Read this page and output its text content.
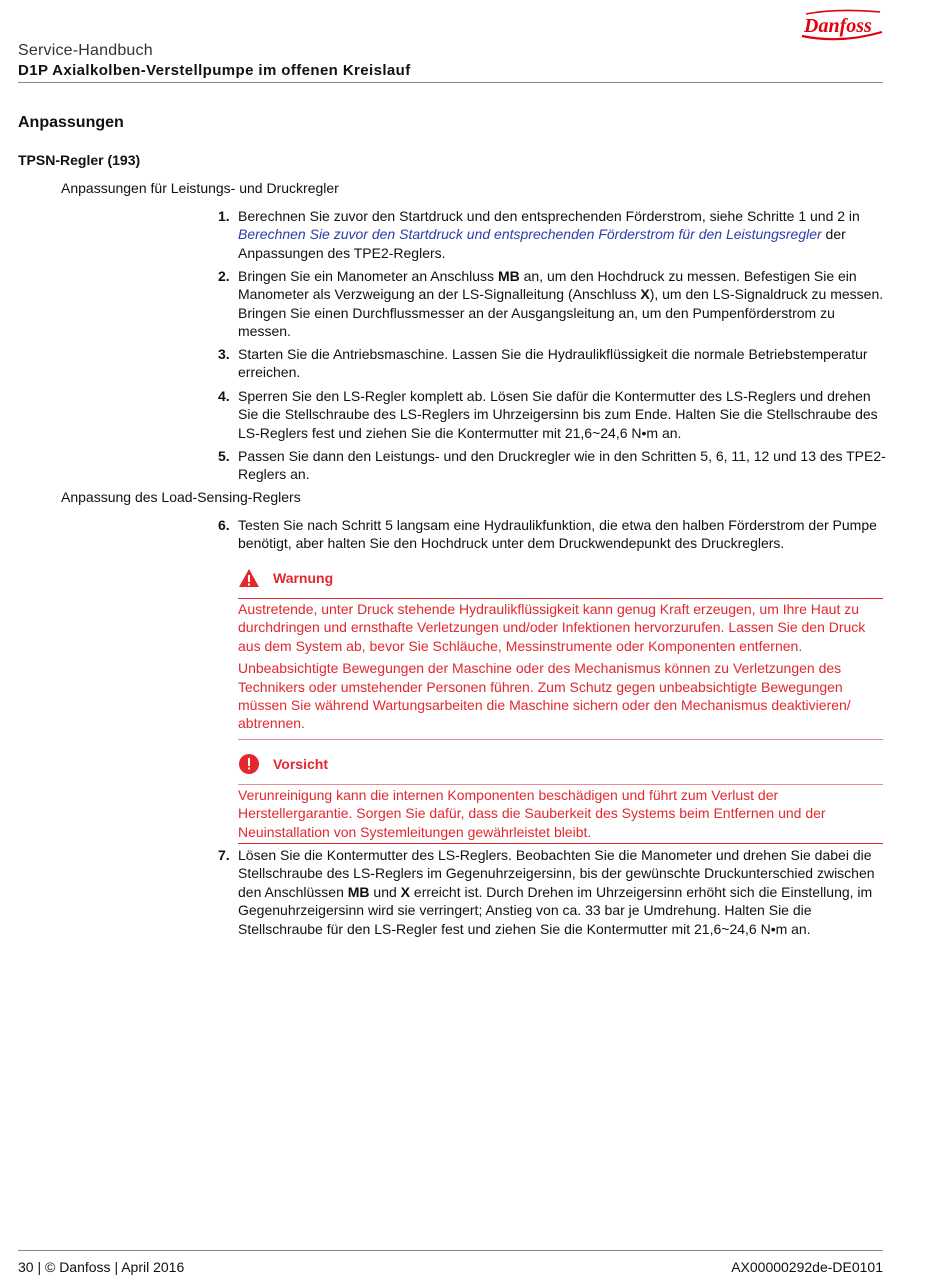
Danfoss
Service-Handbuch
D1P Axialkolben-Verstellpumpe im offenen Kreislauf
Anpassungen
TPSN-Regler (193)
Anpassungen für Leistungs- und Druckregler
1. Berechnen Sie zuvor den Startdruck und den entsprechenden Förderstrom, siehe Schritte 1 und 2 in Berechnen Sie zuvor den Startdruck und entsprechenden Förderstrom für den Leistungsregler der Anpassungen des TPE2-Reglers.
2. Bringen Sie ein Manometer an Anschluss MB an, um den Hochdruck zu messen. Befestigen Sie ein Manometer als Verzweigung an der LS-Signalleitung (Anschluss X), um den LS-Signaldruck zu messen. Bringen Sie einen Durchflussmesser an der Ausgangsleitung an, um den Pumpenförderstrom zu messen.
3. Starten Sie die Antriebsmaschine. Lassen Sie die Hydraulikflüssigkeit die normale Betriebstemperatur erreichen.
4. Sperren Sie den LS-Regler komplett ab. Lösen Sie dafür die Kontermutter des LS-Reglers und drehen Sie die Stellschraube des LS-Reglers im Uhrzeigersinn bis zum Ende. Halten Sie die Stellschraube des LS-Reglers fest und ziehen Sie die Kontermutter mit 21,6~24,6 N•m an.
5. Passen Sie dann den Leistungs- und den Druckregler wie in den Schritten 5, 6, 11, 12 und 13 des TPE2-Reglers an.
Anpassung des Load-Sensing-Reglers
6. Testen Sie nach Schritt 5 langsam eine Hydraulikfunktion, die etwa den halben Förderstrom der Pumpe benötigt, aber halten Sie den Hochdruck unter dem Druckwendepunkt des Druckreglers.
Warnung
Austretende, unter Druck stehende Hydraulikflüssigkeit kann genug Kraft erzeugen, um Ihre Haut zu durchdringen und ernsthafte Verletzungen und/oder Infektionen hervorzurufen. Lassen Sie den Druck aus dem System ab, bevor Sie Schläuche, Messinstrumente oder Komponenten entfernen.
Unbeabsichtigte Bewegungen der Maschine oder des Mechanismus können zu Verletzungen des Technikers oder umstehender Personen führen. Zum Schutz gegen unbeabsichtigte Bewegungen müssen Sie während Wartungsarbeiten die Maschine sichern oder den Mechanismus deaktivieren/ abtrennen.
Vorsicht
Verunreinigung kann die internen Komponenten beschädigen und führt zum Verlust der Herstellergarantie. Sorgen Sie dafür, dass die Sauberkeit des Systems beim Entfernen und der Neuinstallation von Systemleitungen gewährleistet bleibt.
7. Lösen Sie die Kontermutter des LS-Reglers. Beobachten Sie die Manometer und drehen Sie dabei die Stellschraube des LS-Reglers im Gegenuhrzeigersinn, bis der gewünschte Druckunterschied zwischen den Anschlüssen MB und X erreicht ist. Durch Drehen im Uhrzeigersinn erhöht sich die Einstellung, im Gegenuhrzeigersinn wird sie verringert; Anstieg von ca. 33 bar je Umdrehung. Halten Sie die Stellschraube für den LS-Regler fest und ziehen Sie die Kontermutter mit 21,6~24,6 N•m an.
30 | © Danfoss | April 2016	AX00000292de-DE0101
